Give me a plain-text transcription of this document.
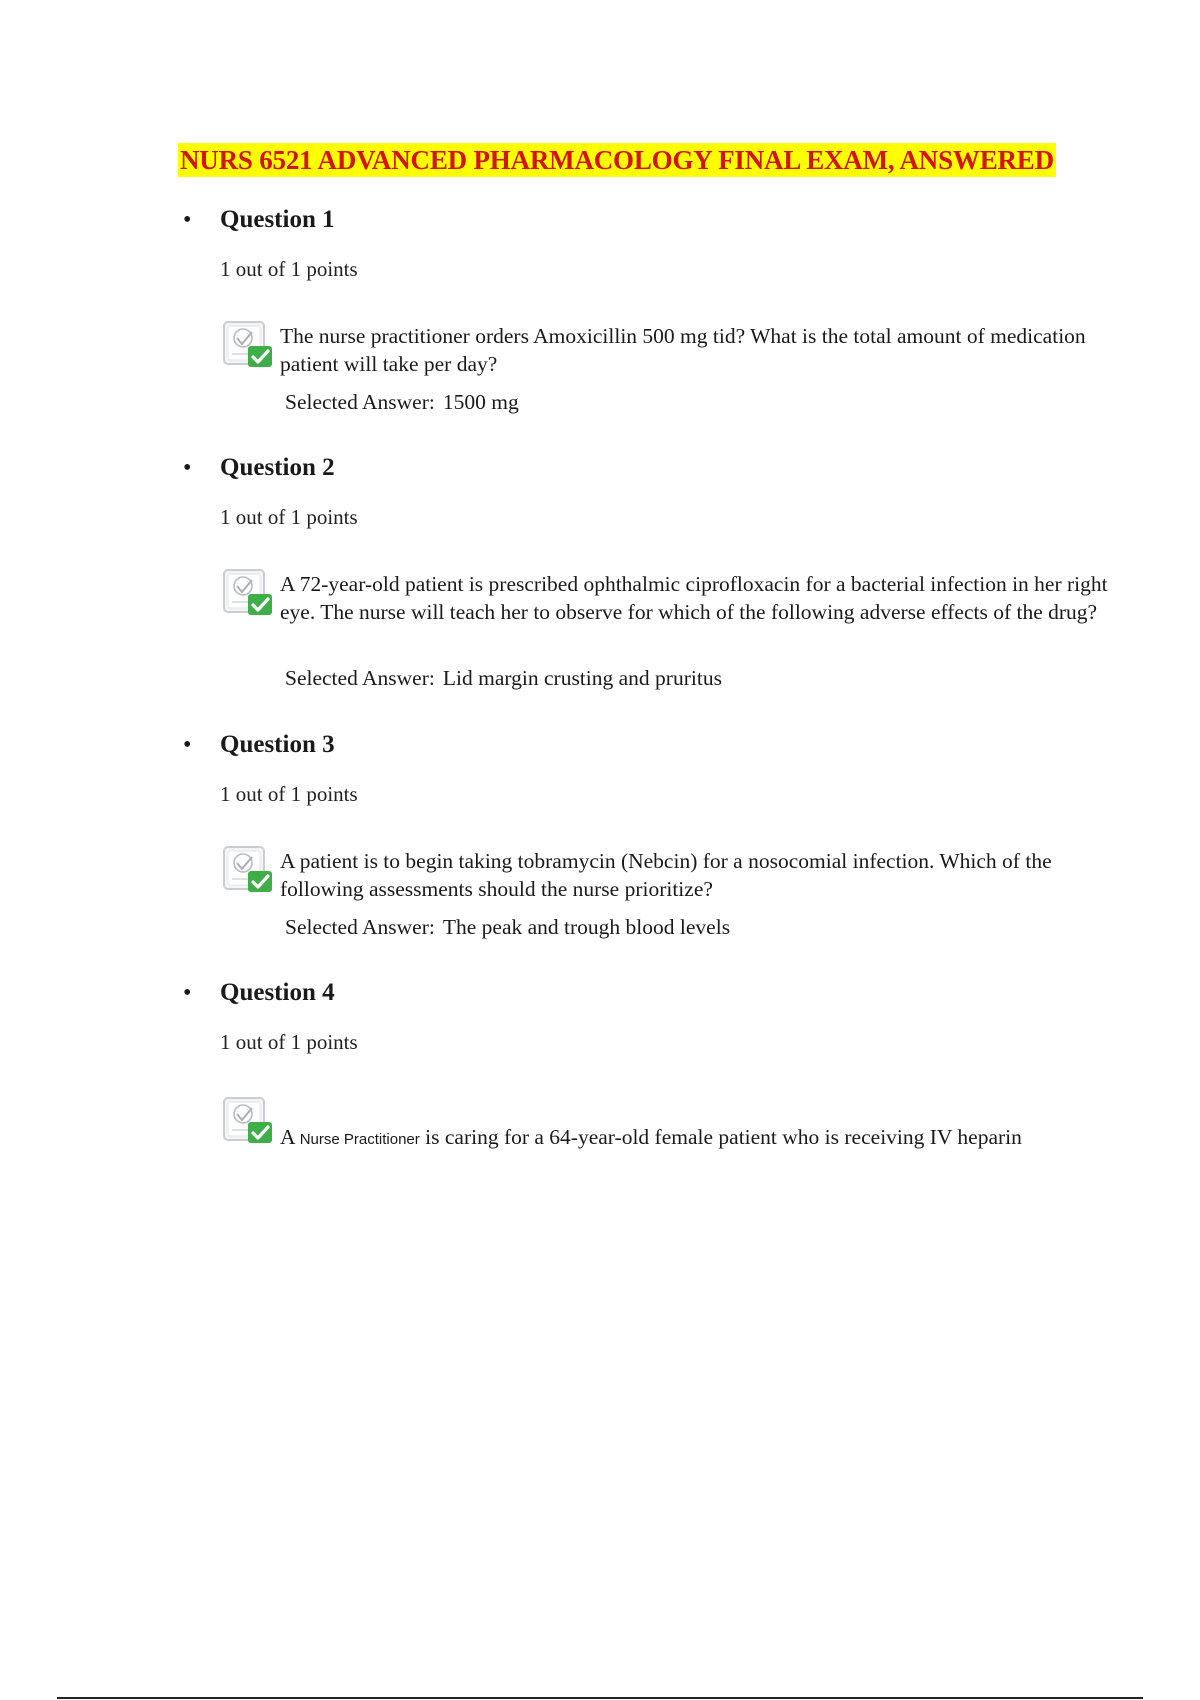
NURS 6521 ADVANCED PHARMACOLOGY FINAL EXAM, ANSWERED
• Question 1
1 out of 1 points
The nurse practitioner orders Amoxicillin 500 mg tid? What is the total amount of medication patient will take per day?
Selected Answer: 1500 mg
• Question 2
1 out of 1 points
A 72-year-old patient is prescribed ophthalmic ciprofloxacin for a bacterial infection in her right eye. The nurse will teach her to observe for which of the following adverse effects of the drug?
Selected Answer: Lid margin crusting and pruritus
• Question 3
1 out of 1 points
A patient is to begin taking tobramycin (Nebcin) for a nosocomial infection. Which of the following assessments should the nurse prioritize?
Selected Answer: The peak and trough blood levels
• Question 4
1 out of 1 points
A Nurse Practitioner is caring for a 64-year-old female patient who is receiving IV heparin
